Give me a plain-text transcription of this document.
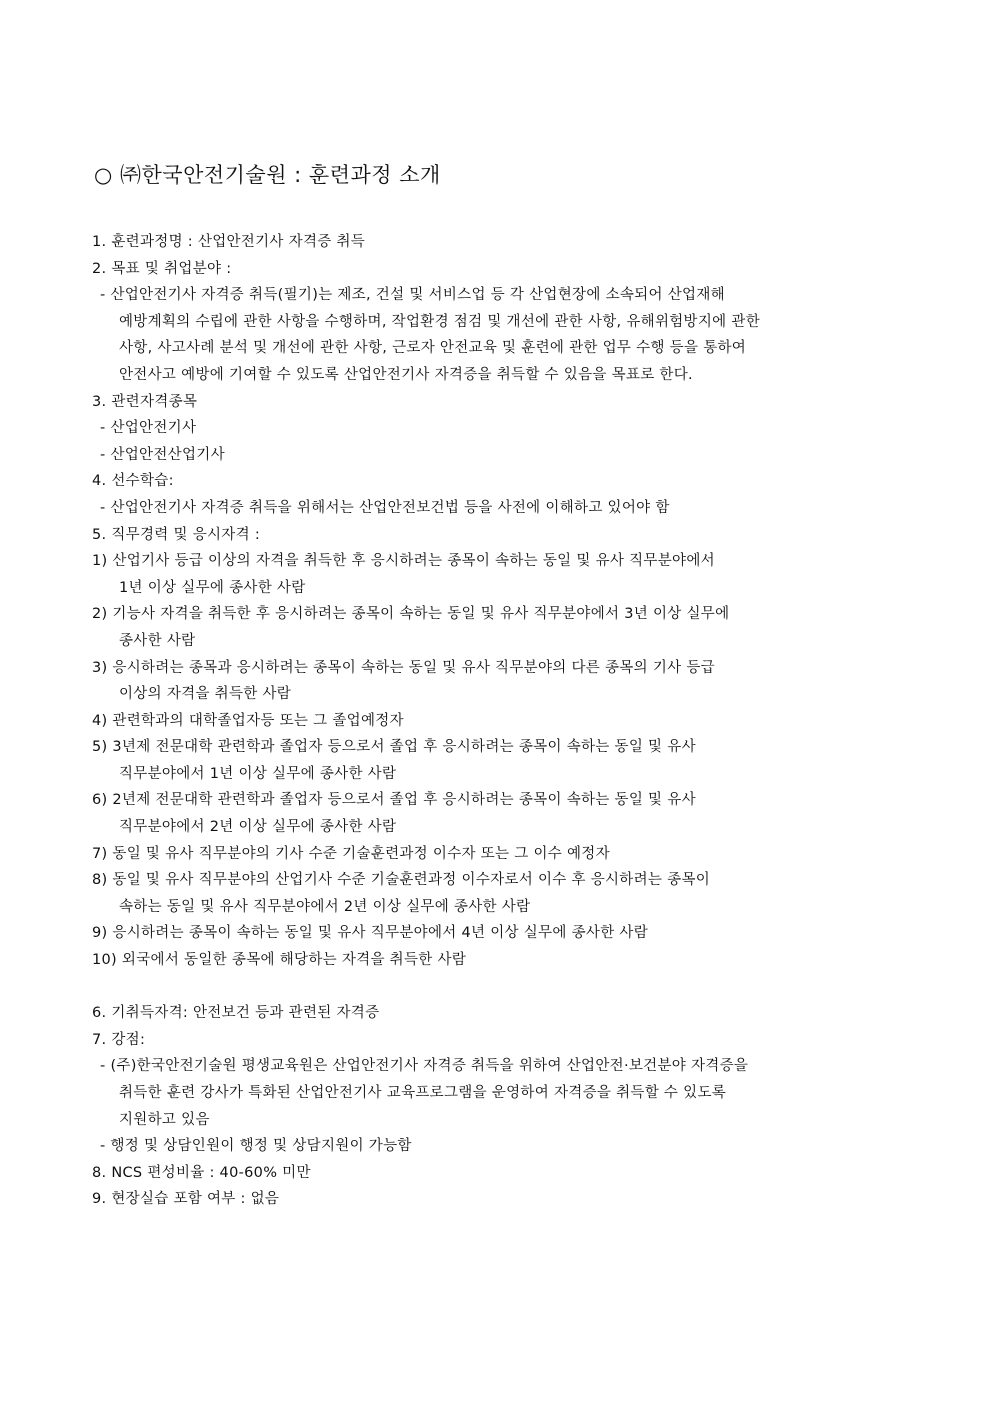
○ ㈜한국안전기술원 : 훈련과정 소개
1. 훈련과정명 : 산업안전기사 자격증 취득
2. 목표 및 취업분야 :
- 산업안전기사 자격증 취득(필기)는 제조, 건설 및 서비스업 등 각 산업현장에 소속되어 산업재해
예방계획의 수립에 관한 사항을 수행하며, 작업환경 점검 및 개선에 관한 사항, 유해위험방지에 관한
사항, 사고사례 분석 및 개선에 관한 사항, 근로자 안전교육 및 훈련에 관한 업무 수행 등을 통하여
안전사고 예방에 기여할 수 있도록 산업안전기사 자격증을 취득할 수 있음을 목표로 한다.
3. 관련자격종목
- 산업안전기사
- 산업안전산업기사
4. 선수학습:
- 산업안전기사 자격증 취득을 위해서는 산업안전보건법 등을 사전에 이해하고 있어야 함
5. 직무경력 및 응시자격 :
1) 산업기사 등급 이상의 자격을 취득한 후 응시하려는 종목이 속하는 동일 및 유사 직무분야에서
1년 이상 실무에 종사한 사람
2) 기능사 자격을 취득한 후 응시하려는 종목이 속하는 동일 및 유사 직무분야에서 3년 이상 실무에
종사한 사람
3) 응시하려는 종목과 응시하려는 종목이 속하는 동일 및 유사 직무분야의 다른 종목의 기사 등급
이상의 자격을 취득한 사람
4) 관련학과의 대학졸업자등 또는 그 졸업예정자
5) 3년제 전문대학 관련학과 졸업자 등으로서 졸업 후 응시하려는 종목이 속하는 동일 및 유사
직무분야에서 1년 이상 실무에 종사한 사람
6) 2년제 전문대학 관련학과 졸업자 등으로서 졸업 후 응시하려는 종목이 속하는 동일 및 유사
직무분야에서 2년 이상 실무에 종사한 사람
7) 동일 및 유사 직무분야의 기사 수준 기술훈련과정 이수자 또는 그 이수 예정자
8) 동일 및 유사 직무분야의 산업기사 수준 기술훈련과정 이수자로서 이수 후 응시하려는 종목이
속하는 동일 및 유사 직무분야에서 2년 이상 실무에 종사한 사람
9) 응시하려는 종목이 속하는 동일 및 유사 직무분야에서 4년 이상 실무에 종사한 사람
10) 외국에서 동일한 종목에 해당하는 자격을 취득한 사람
6. 기취득자격: 안전보건 등과 관련된 자격증
7. 강점:
- (주)한국안전기술원 평생교육원은 산업안전기사 자격증 취득을 위하여 산업안전·보건분야 자격증을
취득한 훈련 강사가 특화된 산업안전기사 교육프로그램을 운영하여 자격증을 취득할 수 있도록
지원하고 있음
- 행정 및 상담인원이 행정 및 상담지원이 가능함
8. NCS 편성비율 : 40-60% 미만
9. 현장실습 포함 여부 : 없음
